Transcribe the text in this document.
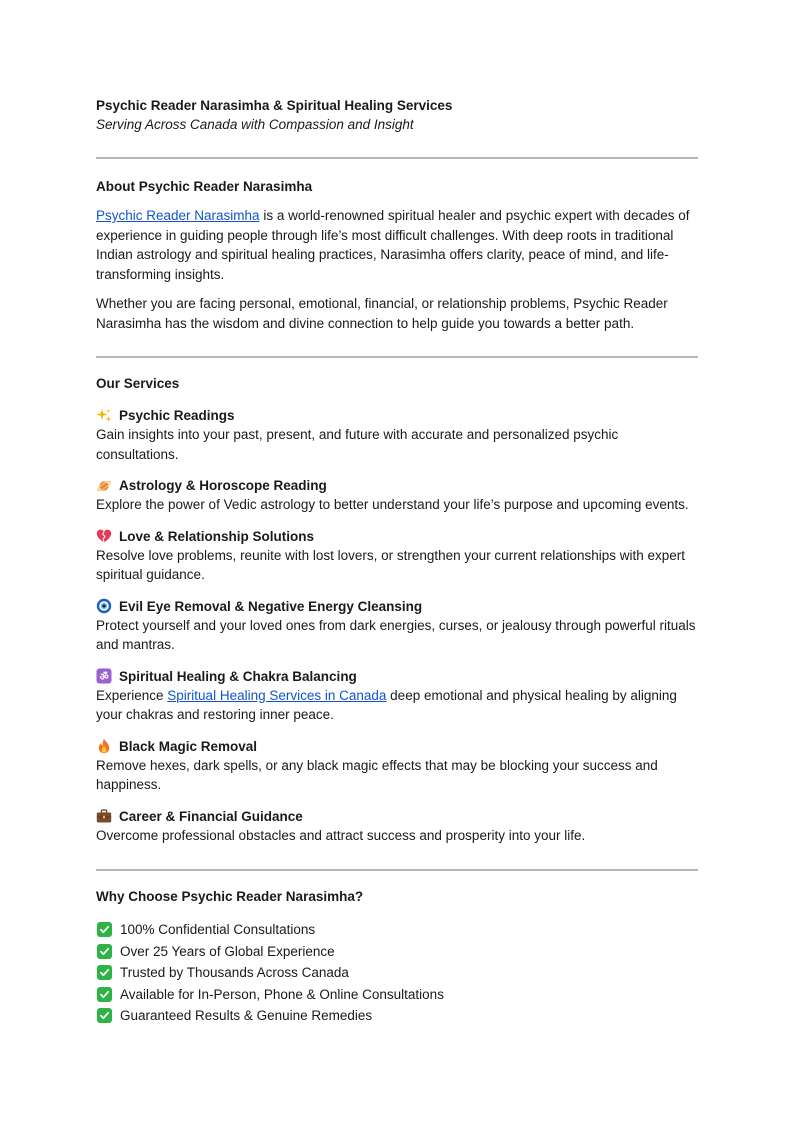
Psychic Reader Narasimha & Spiritual Healing Services
Serving Across Canada with Compassion and Insight
About Psychic Reader Narasimha

Psychic Reader Narasimha is a world-renowned spiritual healer and psychic expert with decades of experience in guiding people through life’s most difficult challenges. With deep roots in traditional Indian astrology and spiritual healing practices, Narasimha offers clarity, peace of mind, and life-transforming insights.

Whether you are facing personal, emotional, financial, or relationship problems, Psychic Reader Narasimha has the wisdom and divine connection to help guide you towards a better path.

Our Services
Psychic Readings
Gain insights into your past, present, and future with accurate and personalized psychic consultations.
Astrology & Horoscope Reading
Explore the power of Vedic astrology to better understand your life’s purpose and upcoming events.
Love & Relationship Solutions
Resolve love problems, reunite with lost lovers, or strengthen your current relationships with expert spiritual guidance.
Evil Eye Removal & Negative Energy Cleansing
Protect yourself and your loved ones from dark energies, curses, or jealousy through powerful rituals and mantras.
ॐ Spiritual Healing & Chakra Balancing
Experience Spiritual Healing Services in Canada deep emotional and physical healing by aligning your chakras and restoring inner peace.
Black Magic Removal
Remove hexes, dark spells, or any black magic effects that may be blocking your success and happiness.
Career & Financial Guidance
Overcome professional obstacles and attract success and prosperity into your life.
Why Choose Psychic Reader Narasimha?
100% Confidential Consultations
Over 25 Years of Global Experience
Trusted by Thousands Across Canada
Available for In-Person, Phone & Online Consultations
Guaranteed Results & Genuine Remedies
